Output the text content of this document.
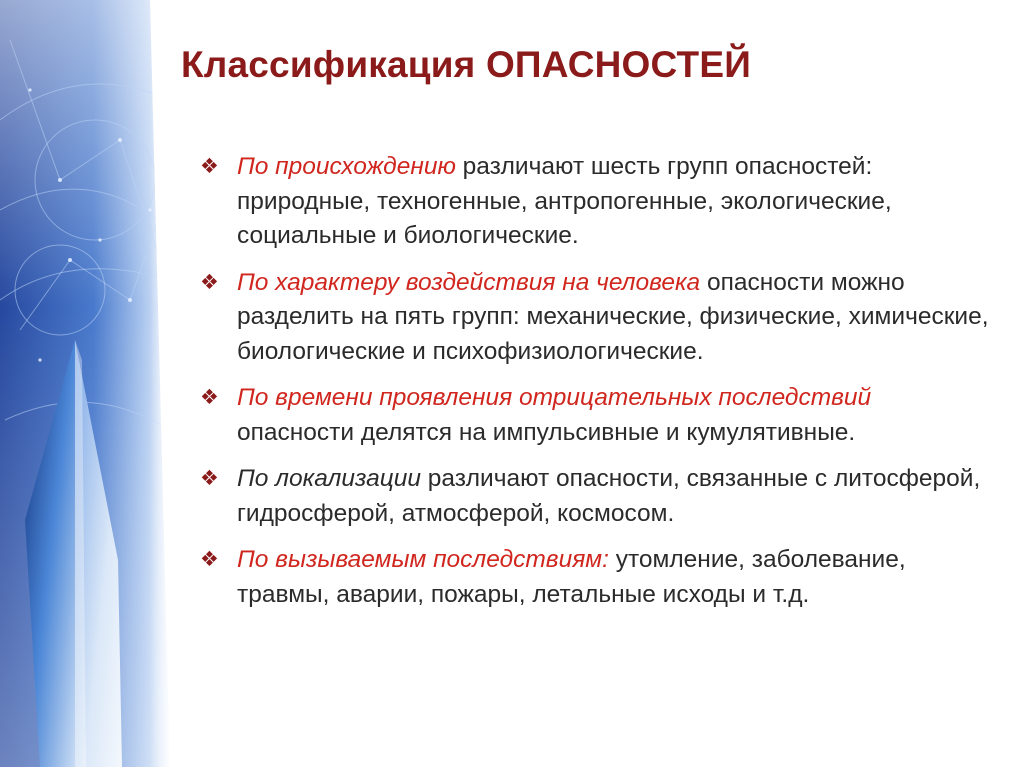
Классификация ОПАСНОСТЕЙ
❖ По происхождению различают шесть групп опасностей: природные, техногенные, антропогенные, экологические, социальные и биологические.
❖ По характеру воздействия на человека опасности можно разделить на пять групп: механические, физические, химические, биологические и психофизиологические.
❖ По времени проявления отрицательных последствий опасности делятся на импульсивные и кумулятивные.
❖ По локализации различают опасности, связанные с литосферой, гидросферой, атмосферой, космосом.
❖ По вызываемым последствиям: утомление, заболевание, травмы, аварии, пожары, летальные исходы и т.д.
